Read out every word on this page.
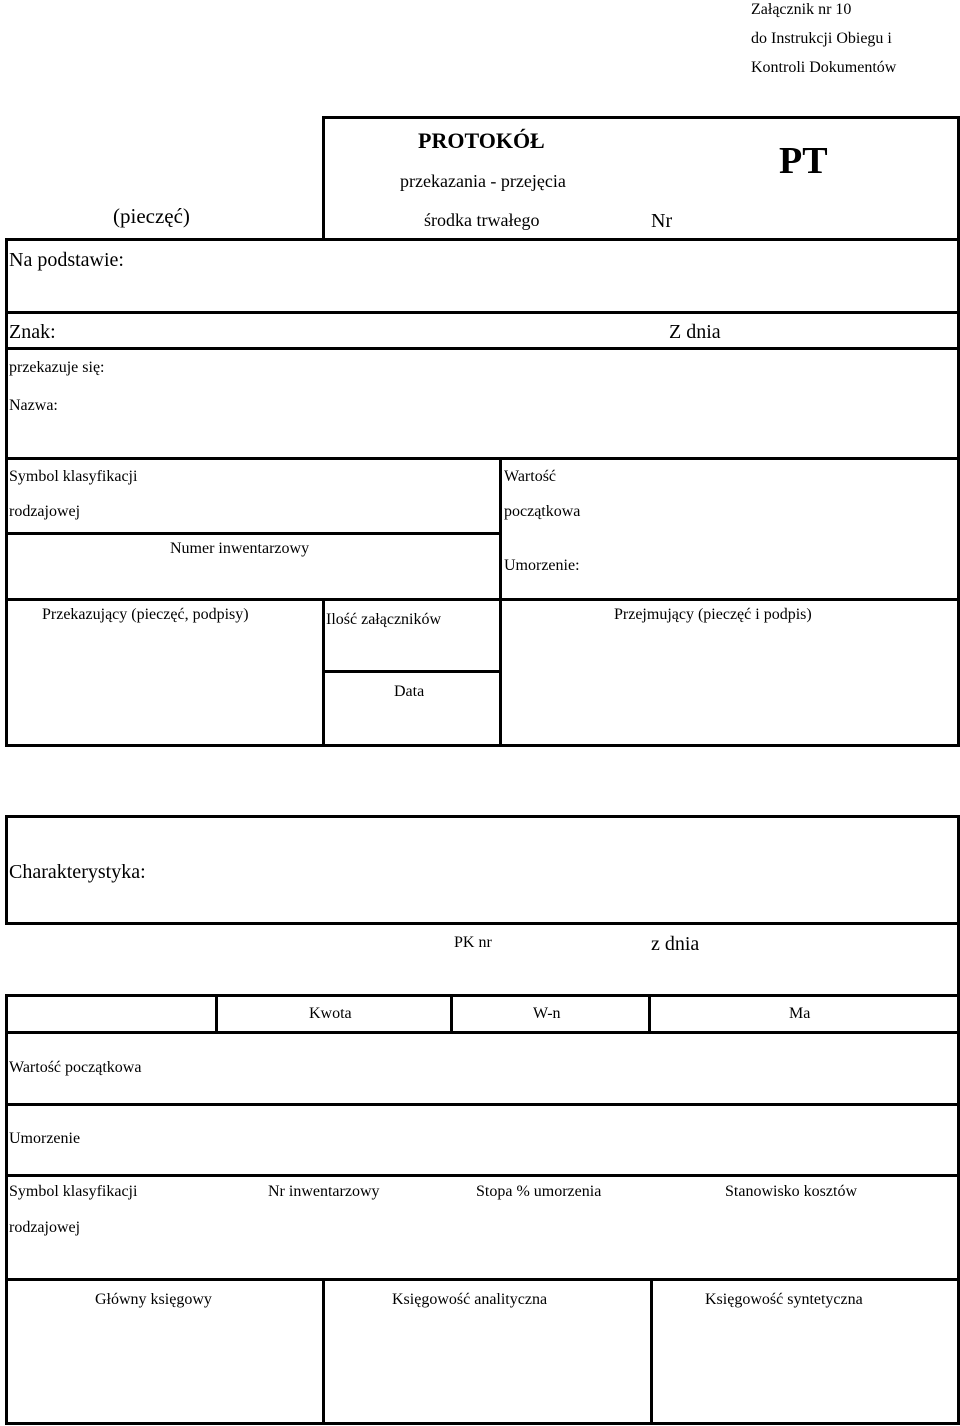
Załącznik nr 10
do Instrukcji Obiegu i
Kontroli Dokumentów
(pieczęć)
PROTOKÓŁ
przekazania - przejęcia
środka trwałego	Nr
PT
Na podstawie:
Znak:	Z dnia
przekazuje się:
Nazwa:
Symbol klasyfikacji
rodzajowej
Wartość
początkowa
Numer inwentarzowy
Umorzenie:
Przekazujący (pieczęć, podpisy)	Ilość załączników	Przejmujący (pieczęć i podpis)
Data
Charakterystyka:
PK nr	z dnia
Kwota	W-n	Ma
Wartość początkowa
Umorzenie
Symbol klasyfikacji
rodzajowej
Nr inwentarzowy	Stopa % umorzenia	Stanowisko kosztów
Główny księgowy	Księgowość analityczna	Księgowość syntetyczna
